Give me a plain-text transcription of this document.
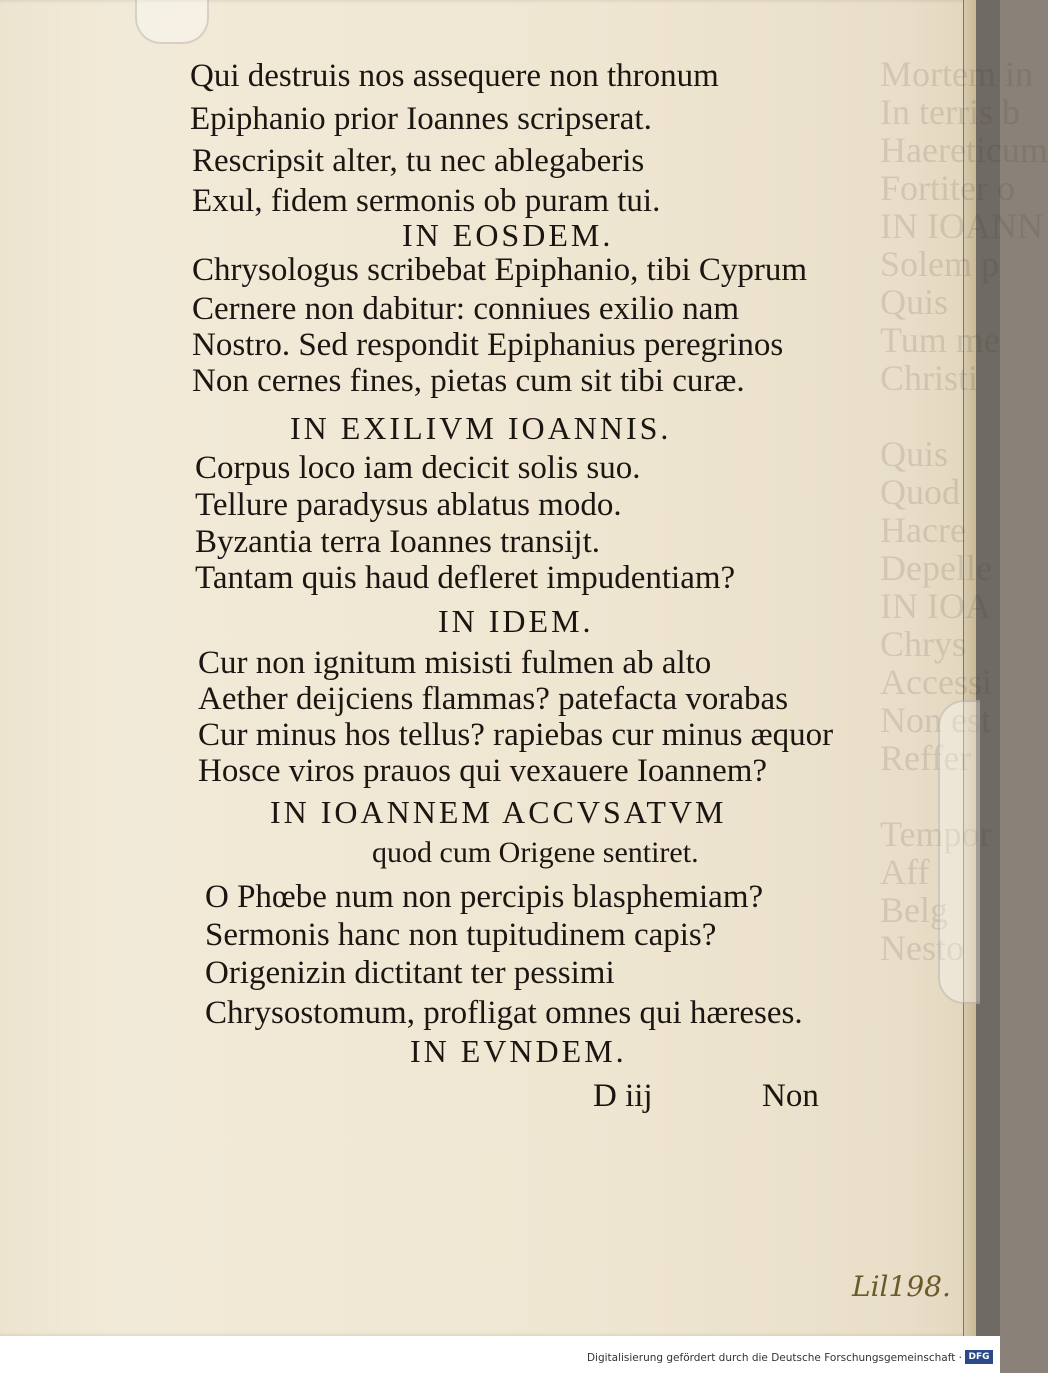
Mortem in
In terris b
Fortiter o
IN IOANN
Solem p
Quis
Tum me
Christi

Quis
Quod
Hacre
Depelle
IN IOA
Chrys
Accessi
Non est
Reffer

Tempor
Aff
Belg
Nesto
Qui destruis nos assequere non thronum
Epiphanio prior Ioannes scripserat.
Rescripsit alter, tu nec ablegaberis
Exul, fidem sermonis ob puram tui.
IN EOSDEM.
Chrysologus scribebat Epiphanio, tibi Cyprum
Cernere non dabitur: conniues exilio nam
Nostro. Sed respondit Epiphanius peregrinos
Non cernes fines, pietas cum sit tibi curæ.
IN EXILIVM IOANNIS.
Corpus loco iam decicit solis suo.
Tellure paradysus ablatus modo.
Byzantia terra Ioannes transijt.
Tantam quis haud defleret impudentiam?
IN IDEM.
Cur non ignitum misisti fulmen ab alto
Aether deijciens flammas? patefacta vorabas
Cur minus hos tellus? rapiebas cur minus æquor
Hosce viros prauos qui vexauere Ioannem?
IN IOANNEM ACCVSATVM
quod cum Origene sentiret.
O Phœbe num non percipis blasphemiam?
Sermonis hanc non tupitudinem capis?
Origenizin dictitant ter pessimi
Chrysostomum, profligat omnes qui hæreses.
IN EVNDEM.
D iij	Non
Lil198.
Digitalisierung gefördert durch die Deutsche Forschungsgemeinschaft · DFG
